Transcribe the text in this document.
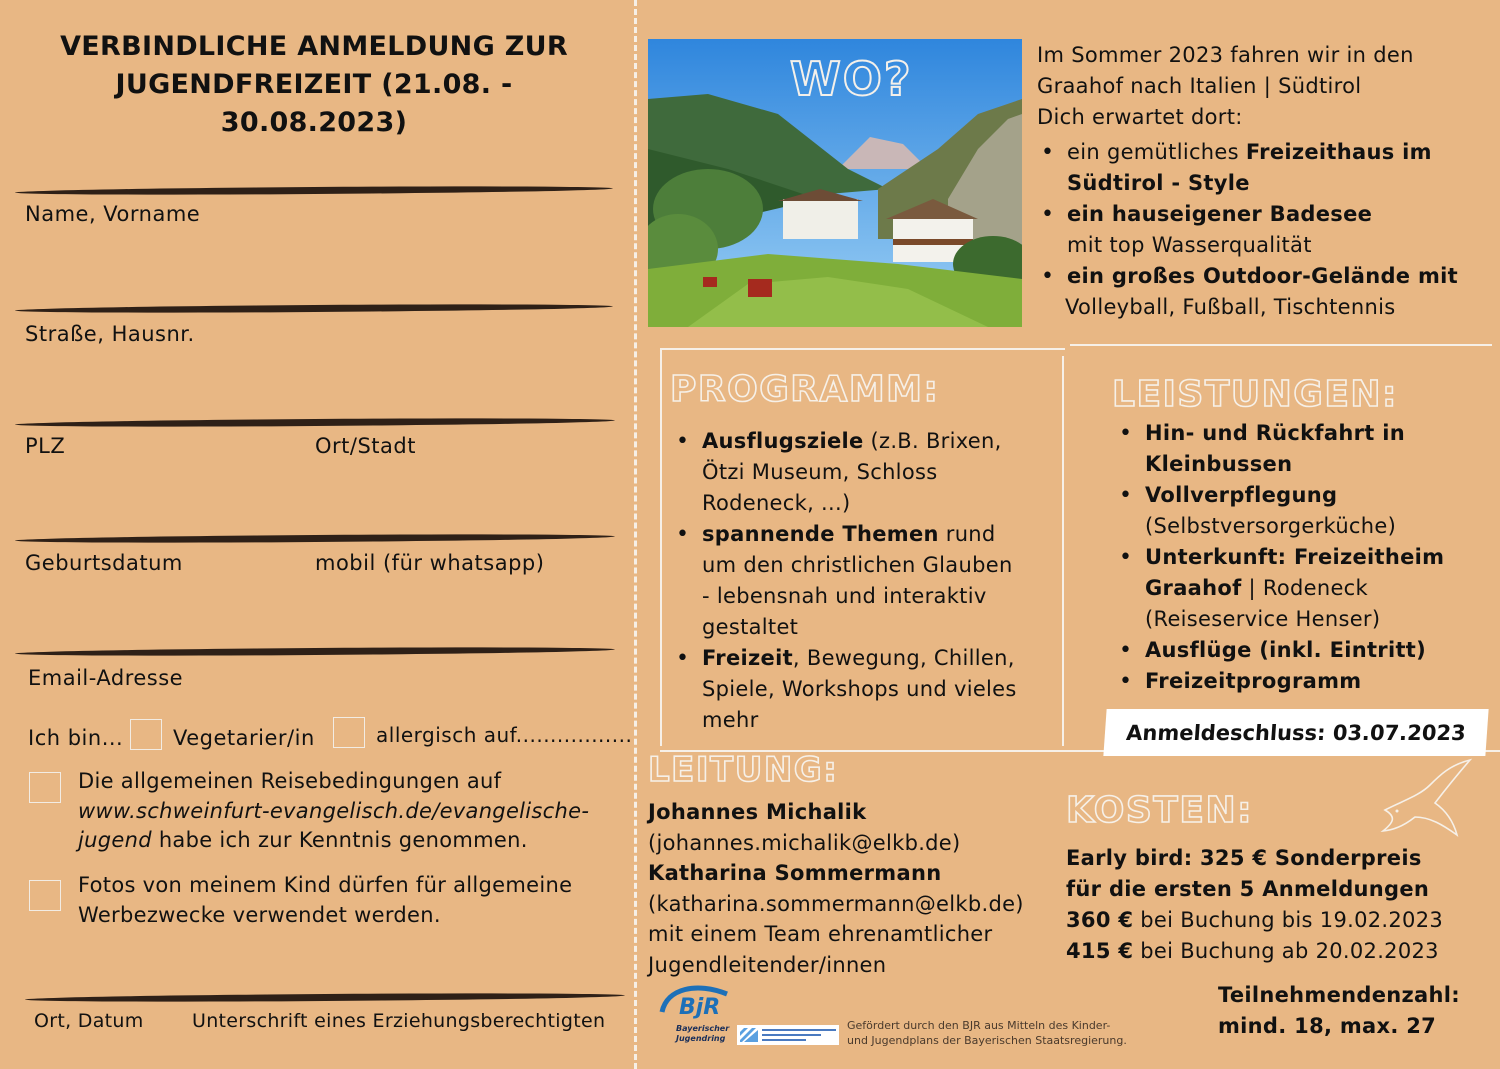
VERBINDLICHE ANMELDUNG ZUR
JUGENDFREIZEIT (21.08. - 30.08.2023)
Name, Vorname
Straße, Hausnr.
PLZ	Ort/Stadt
Geburtsdatum	mobil (für whatsapp)
Email-Adresse
Ich bin... Vegetarier/in	allergisch auf.................
Die allgemeinen Reisebedingungen auf
www.schweinfurt-evangelisch.de/evangelische-
jugend habe ich zur Kenntnis genommen.
Fotos von meinem Kind dürfen für allgemeine
Werbezwecke verwendet werden.
Ort, Datum	Unterschrift eines Erziehungsberechtigten
WO?	Im Sommer 2023 fahren wir in den
Graahof nach Italien | Südtirol
Dich erwartet dort:
• ein gemütliches Freizeithaus im Südtirol - Style
• ein hauseigener Badesee
mit top Wasserqualität
• ein großes Outdoor-Gelände mit
Volleyball, Fußball, Tischtennis
PROGRAMM:
• Ausflugsziele (z.B. Brixen, Ötzi Museum, Schloss Rodeneck, ...)
• spannende Themen rund um den christlichen Glauben - lebensnah und interaktiv gestaltet
• Freizeit, Bewegung, Chillen, Spiele, Workshops und vieles mehr
LEISTUNGEN:
• Hin- und Rückfahrt in Kleinbussen
• Vollverpflegung
(Selbstversorgerküche)
• Unterkunft: Freizeitheim Graahof | Rodeneck (Reiseservice Henser)
• Ausflüge (inkl. Eintritt)
• Freizeitprogramm
Anmeldeschluss: 03.07.2023
LEITUNG:
Johannes Michalik
(johannes.michalik@elkb.de)
Katharina Sommermann
(katharina.sommermann@elkb.de)
mit einem Team ehrenamtlicher
Jugendleitender/innen
KOSTEN:
Early bird: 325 € Sonderpreis
für die ersten 5 Anmeldungen
360 € bei Buchung bis 19.02.2023
415 € bei Buchung ab 20.02.2023
Teilnehmendenzahl:
mind. 18, max. 27
BjR
Bayerischer
Jugendring
Gefördert durch den BJR aus Mitteln des Kinder-
und Jugendplans der Bayerischen Staatsregierung.
